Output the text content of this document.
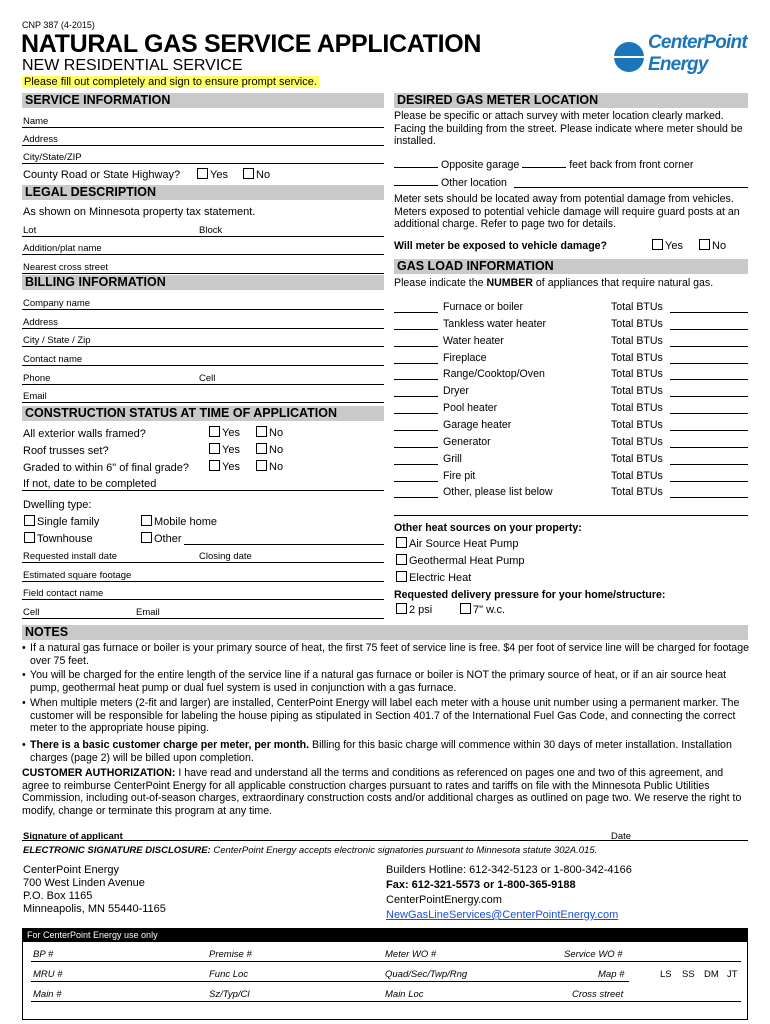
CNP 387 (4-2015)
NATURAL GAS SERVICE APPLICATION
NEW RESIDENTIAL SERVICE
Please fill out completely and sign to ensure prompt service.
CenterPoint
Energy
SERVICE INFORMATION
Name
Address
City/State/ZIP
County Road or State Highway?	Yes	No
LEGAL DESCRIPTION
As shown on Minnesota property tax statement.
Lot	Block
Addition/plat name
Nearest cross street
BILLING INFORMATION
Company name
Address
City / State / Zip
Contact name
Phone	Cell
Email
CONSTRUCTION STATUS AT TIME OF APPLICATION
All exterior walls framed?	Yes	No
Roof trusses set?	Yes	No
Graded to within 6" of final grade?	Yes	No
If not, date to be completed
Dwelling type:
Single family	Mobile home
Townhouse	Other
Requested install date	Closing date
Estimated square footage
Field contact name
Cell	Email
DESIRED GAS METER LOCATION
Please be specific or attach survey with meter location clearly marked. Facing the building from the street. Please indicate where meter should be installed.
Opposite garage	feet back from front corner
Other location
Meter sets should be located away from potential damage from vehicles. Meters exposed to potential vehicle damage will require guard posts at an additional charge. Refer to page two for details.
Will meter be exposed to vehicle damage?	Yes	No
GAS LOAD INFORMATION
Please indicate the NUMBER of appliances that require natural gas.
Furnace or boiler	Total BTUs
Tankless water heater	Total BTUs
Water heater	Total BTUs
Fireplace	Total BTUs
Range/Cooktop/Oven	Total BTUs
Dryer	Total BTUs
Pool heater	Total BTUs
Garage heater	Total BTUs
Generator	Total BTUs
Grill	Total BTUs
Fire pit	Total BTUs
Other, please list below	Total BTUs
Other heat sources on your property:
Air Source Heat Pump
Geothermal Heat Pump
Electric Heat
Requested delivery pressure for your home/structure:
2 psi	7" w.c.
NOTES
• If a natural gas furnace or boiler is your primary source of heat, the first 75 feet of service line is free. $4 per foot of service line will be charged for footage over 75 feet.
• You will be charged for the entire length of the service line if a natural gas furnace or boiler is NOT the primary source of heat, or if an air source heat pump, geothermal heat pump or dual fuel system is used in conjunction with a gas furnace.
• When multiple meters (2-fit and larger) are installed, CenterPoint Energy will label each meter with a house unit number using a permanent marker. The customer will be responsible for labeling the house piping as stipulated in Section 401.7 of the International Fuel Gas Code, and connecting the correct meter to the appropriate house piping.
• There is a basic customer charge per meter, per month. Billing for this basic charge will commence within 30 days of meter installation. Installation charges (page 2) will be billed upon completion.
CUSTOMER AUTHORIZATION: I have read and understand all the terms and conditions as referenced on pages one and two of this agreement, and agree to reimburse CenterPoint Energy for all applicable construction charges pursuant to rates and tariffs on file with the Minnesota Public Utilities Commission, including out-of-season charges, extraordinary construction costs and/or additional charges as outlined on page two. We reserve the right to modify, change or terminate this program at any time.
Signature of applicant	Date
ELECTRONIC SIGNATURE DISCLOSURE: CenterPoint Energy accepts electronic signatories pursuant to Minnesota statute 302A.015.
CenterPoint Energy
700 West Linden Avenue
P.O. Box 1165
Minneapolis, MN 55440-1165
Builders Hotline: 612-342-5123 or 1-800-342-4166
Fax: 612-321-5573 or 1-800-365-9188
CenterPointEnergy.com
NewGasLineServices@CenterPointEnergy.com
For CenterPoint Energy use only
BP #	Premise #	Meter WO #	Service WO #
MRU #	Func Loc	Quad/Sec/Twp/Rng	Map #	LS SS DM JT
Main #	Sz/Typ/Cl	Main Loc	Cross street
